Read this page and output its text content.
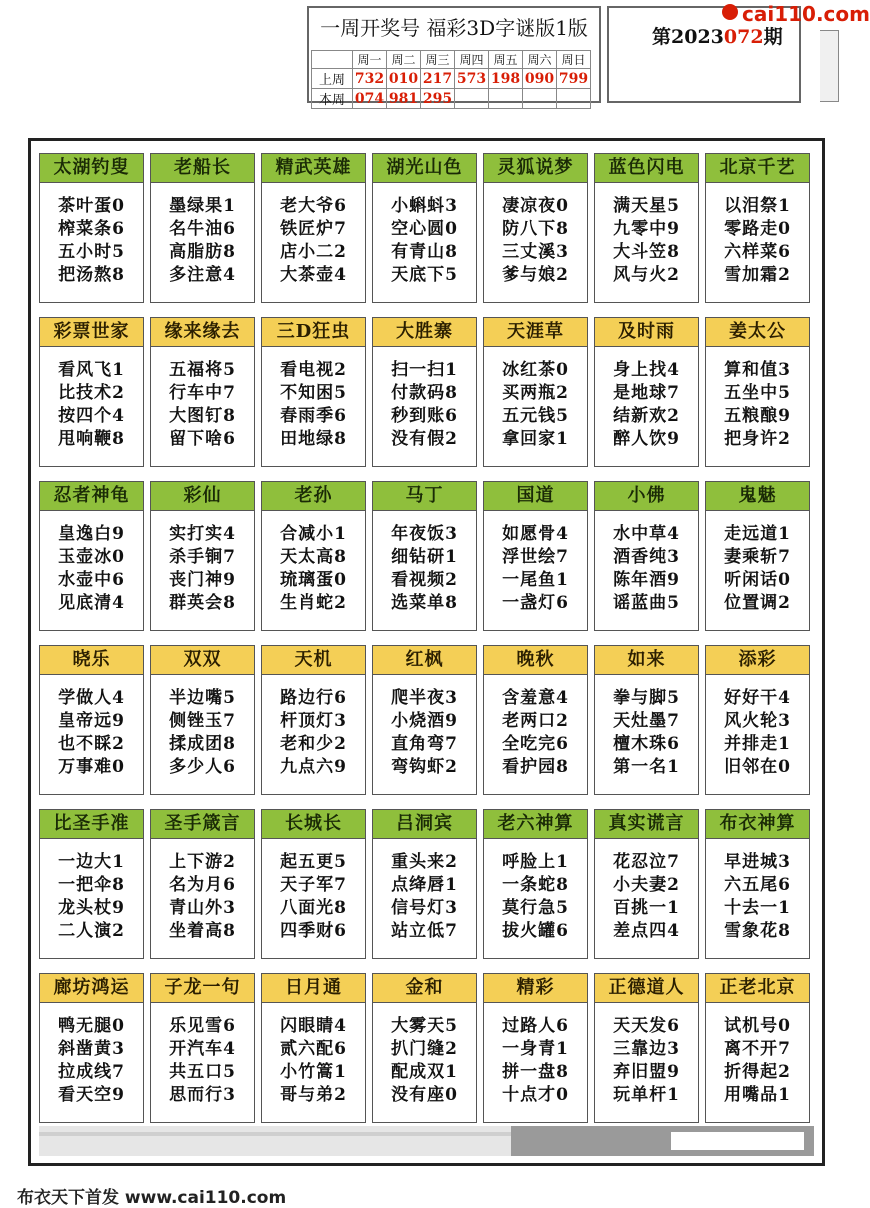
一周开奖号 福彩3D字谜版1版
	周一	周二	周三	周四	周五	周六	周日
上周	732	010	217	573	198	090	799
本周	074	981	295				
第2023072期
cai110.com
太湖钓叟
茶叶蛋0
榨菜条6
五小时5
把汤熬8
老船长
墨绿果1
名牛油6
高脂肪8
多注意4
精武英雄
老大爷6
铁匠炉7
店小二2
大茶壶4
湖光山色
小蝌蚪3
空心圆0
有青山8
天底下5
灵狐说梦
凄凉夜0
防八下8
三丈溪3
爹与娘2
蓝色闪电
满天星5
九零中9
大斗笠8
风与火2
北京千艺
以泪祭1
零路走0
六样菜6
雪加霜2
彩票世家
看风飞1
比技术2
按四个4
甩响鞭8
缘来缘去
五福将5
行车中7
大图钉8
留下啥6
三D狂虫
看电视2
不知困5
春雨季6
田地绿8
大胜寨
扫一扫1
付款码8
秒到账6
没有假2
天涯草
冰红茶0
买两瓶2
五元钱5
拿回家1
及时雨
身上找4
是地球7
结新欢2
醉人饮9
姜太公
算和值3
五坐中5
五粮酿9
把身许2
忍者神龟
皇逸白9
玉壶冰0
水壶中6
见底清4
彩仙
实打实4
杀手锏7
丧门神9
群英会8
老孙
合减小1
天太高8
琉璃蛋0
生肖蛇2
马丁
年夜饭3
细钻研1
看视频2
选菜单8
国道
如愿骨4
浮世绘7
一尾鱼1
一盏灯6
小佛
水中草4
酒香纯3
陈年酒9
谣蓝曲5
鬼魅
走远道1
妻乘斩7
听闲话0
位置调2
晓乐
学做人4
皇帝远9
也不睬2
万事难0
双双
半边嘴5
侧锉玉7
揉成团8
多少人6
天机
路边行6
杆顶灯3
老和少2
九点六9
红枫
爬半夜3
小烧酒9
直角弯7
弯钩虾2
晚秋
含羞意4
老两口2
全吃完6
看护园8
如来
拳与脚5
天灶墨7
檀木珠6
第一名1
添彩
好好干4
风火轮3
并排走1
旧邻在0
比圣手准
一边大1
一把伞8
龙头杖9
二人演2
圣手箴言
上下游2
名为月6
青山外3
坐着高8
长城长
起五更5
天子军7
八面光8
四季财6
吕洞宾
重头来2
点绛唇1
信号灯3
站立低7
老六神算
呼脸上1
一条蛇8
莫行急5
拔火罐6
真实谎言
花忍泣7
小夫妻2
百挑一1
差点四4
布衣神算
早进城3
六五尾6
十去一1
雪象花8
廊坊鸿运
鸭无腿0
斜凿黄3
拉成线7
看天空9
子龙一句
乐见雪6
开汽车4
共五口5
思而行3
日月通
闪眼睛4
贰六配6
小竹篙1
哥与弟2
金和
大雾天5
扒门缝2
配成双1
没有座0
精彩
过路人6
一身青1
拼一盘8
十点才0
正德道人
天天发6
三靠边3
弃旧盟9
玩单杆1
正老北京
试机号0
离不开7
折得起2
用嘴品1
布衣天下首发 www.cai110.com
